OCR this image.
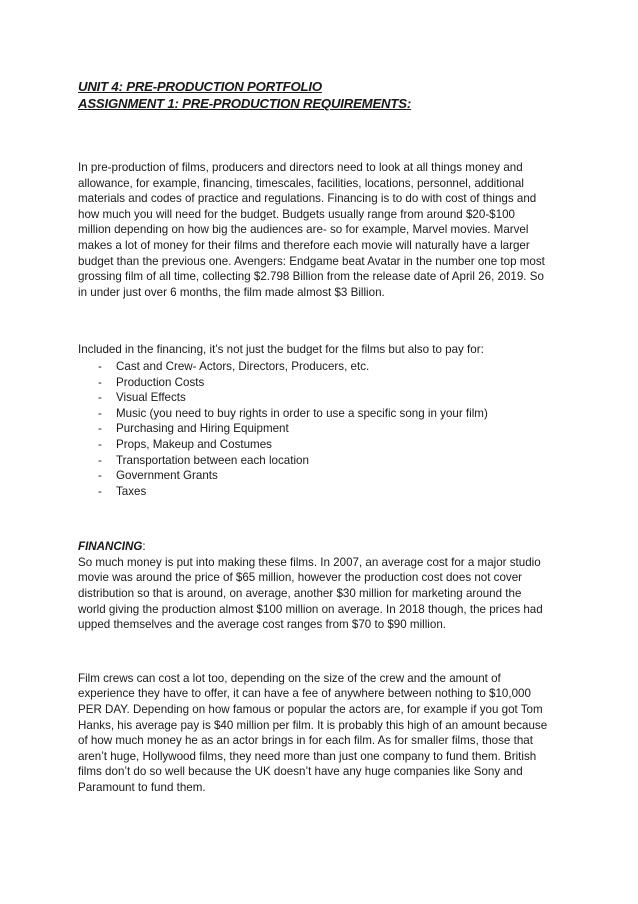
UNIT 4: PRE-PRODUCTION PORTFOLIO

ASSIGNMENT 1: PRE-PRODUCTION REQUIREMENTS:

In pre-production of films, producers and directors need to look at all things money and allowance, for example, financing, timescales, facilities, locations, personnel, additional materials and codes of practice and regulations. Financing is to do with cost of things and how much you will need for the budget. Budgets usually range from around $20-$100 million depending on how big the audiences are- so for example, Marvel movies. Marvel makes a lot of money for their films and therefore each movie will naturally have a larger budget than the previous one. Avengers: Endgame beat Avatar in the number one top most grossing film of all time, collecting $2.798 Billion from the release date of April 26, 2019. So in under just over 6 months, the film made almost $3 Billion.

Included in the financing, it’s not just the budget for the films but also to pay for:

- Cast and Crew- Actors, Directors, Producers, etc.
- Production Costs
- Visual Effects
- Music (you need to buy rights in order to use a specific song in your film)
- Purchasing and Hiring Equipment
- Props, Makeup and Costumes
- Transportation between each location
- Government Grants
- Taxes

FINANCING:

So much money is put into making these films. In 2007, an average cost for a major studio movie was around the price of $65 million, however the production cost does not cover distribution so that is around, on average, another $30 million for marketing around the world giving the production almost $100 million on average. In 2018 though, the prices had upped themselves and the average cost ranges from $70 to $90 million.

Film crews can cost a lot too, depending on the size of the crew and the amount of experience they have to offer, it can have a fee of anywhere between nothing to $10,000 PER DAY. Depending on how famous or popular the actors are, for example if you got Tom Hanks, his average pay is $40 million per film. It is probably this high of an amount because of how much money he as an actor brings in for each film. As for smaller films, those that aren’t huge, Hollywood films, they need more than just one company to fund them. British films don’t do so well because the UK doesn’t have any huge companies like Sony and Paramount to fund them.
